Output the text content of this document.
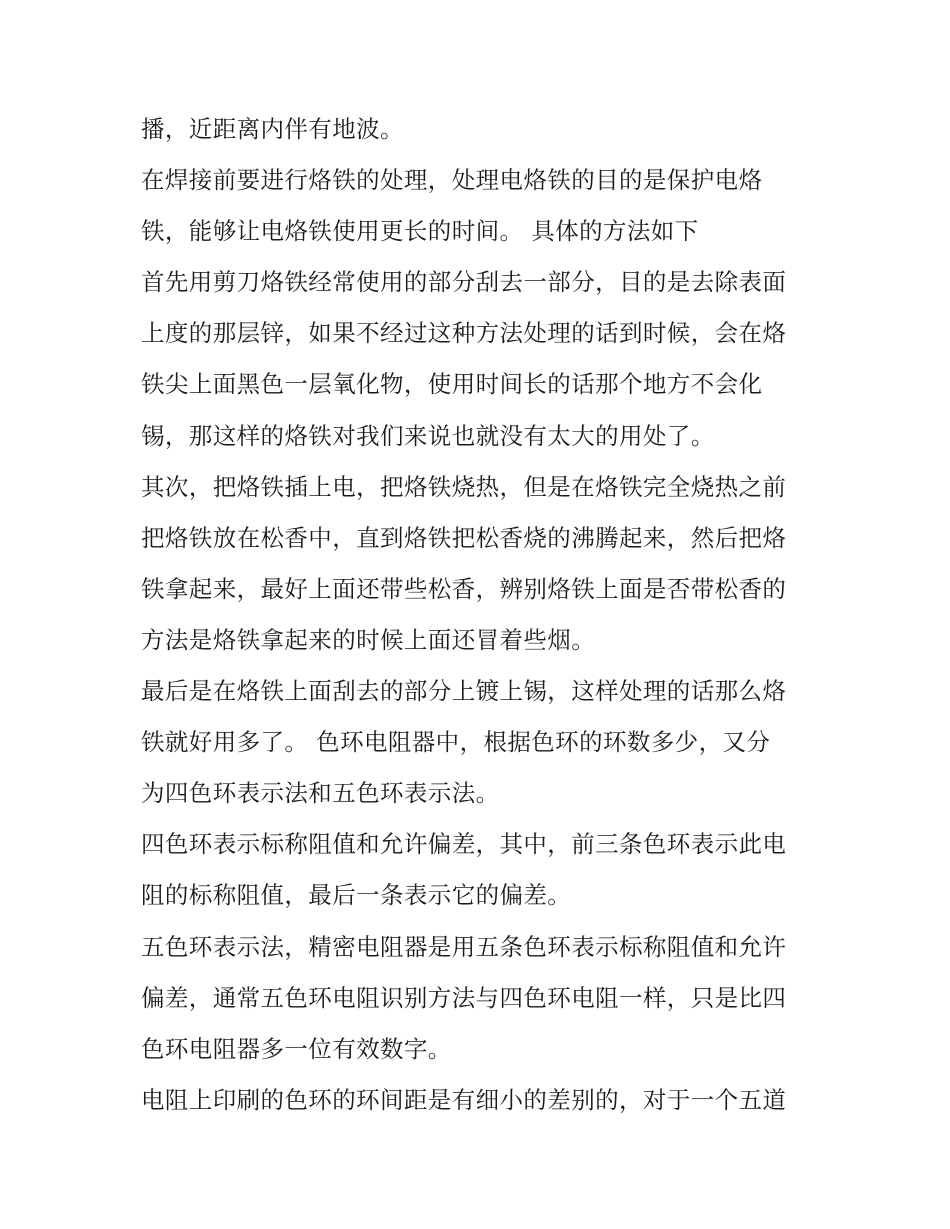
播，近距离内伴有地波。
在焊接前要进行烙铁的处理，处理电烙铁的目的是保护电烙
铁，能够让电烙铁使用更长的时间。 具体的方法如下
首先用剪刀烙铁经常使用的部分刮去一部分，目的是去除表面
上度的那层锌，如果不经过这种方法处理的话到时候，会在烙
铁尖上面黑色一层氧化物，使用时间长的话那个地方不会化
锡，那这样的烙铁对我们来说也就没有太大的用处了。
其次，把烙铁插上电，把烙铁烧热，但是在烙铁完全烧热之前
把烙铁放在松香中，直到烙铁把松香烧的沸腾起来，然后把烙
铁拿起来，最好上面还带些松香，辨别烙铁上面是否带松香的
方法是烙铁拿起来的时候上面还冒着些烟。
最后是在烙铁上面刮去的部分上镀上锡，这样处理的话那么烙
铁就好用多了。 色环电阻器中，根据色环的环数多少，又分
为四色环表示法和五色环表示法。
四色环表示标称阻值和允许偏差，其中，前三条色环表示此电
阻的标称阻值，最后一条表示它的偏差。
五色环表示法，精密电阻器是用五条色环表示标称阻值和允许
偏差，通常五色环电阻识别方法与四色环电阻一样，只是比四
色环电阻器多一位有效数字。
电阻上印刷的色环的环间距是有细小的差别的，对于一个五道
